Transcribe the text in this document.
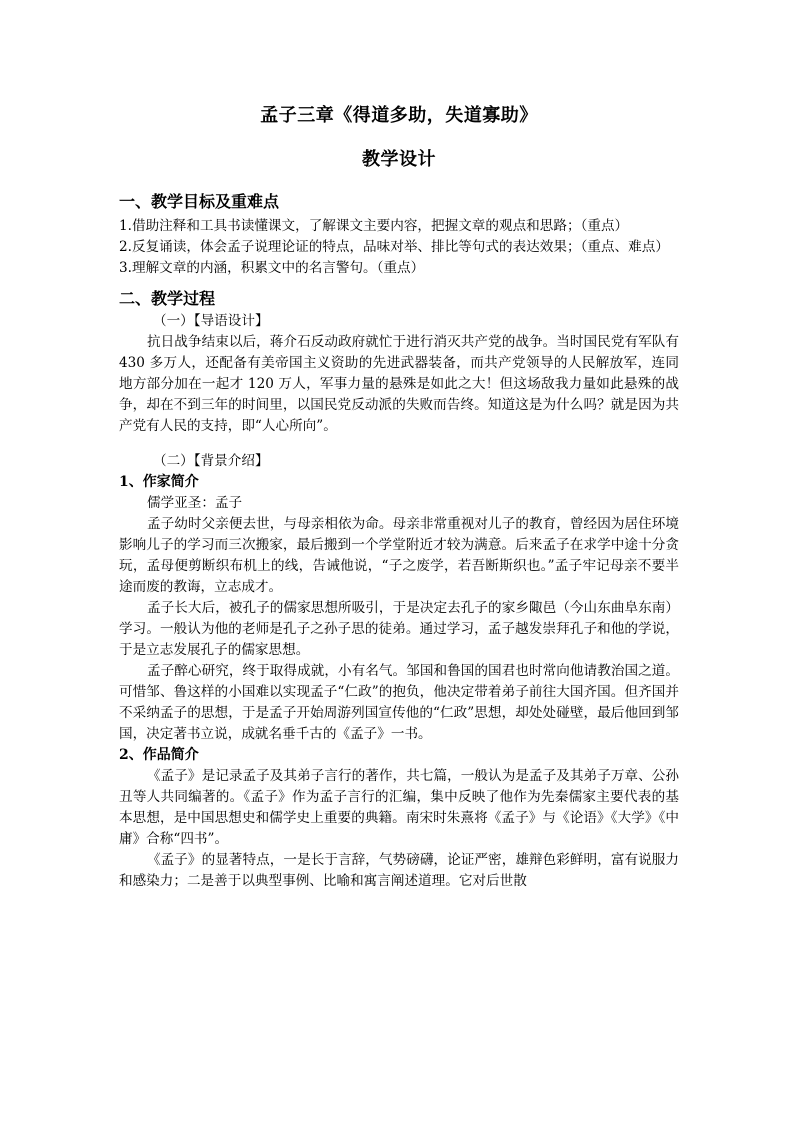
孟子三章《得道多助，失道寡助》
教学设计
一、教学目标及重难点
1.借助注释和工具书读懂课文，了解课文主要内容，把握文章的观点和思路；（重点）
2.反复诵读，体会孟子说理论证的特点，品味对举、排比等句式的表达效果；（重点、难点）
3.理解文章的内涵，积累文中的名言警句。（重点）
二、教学过程
（一）【导语设计】
抗日战争结束以后，蒋介石反动政府就忙于进行消灭共产党的战争。当时国民党有军队有 430 多万人，还配备有美帝国主义资助的先进武器装备，而共产党领导的人民解放军，连同地方部分加在一起才 120 万人，军事力量的悬殊是如此之大！但这场敌我力量如此悬殊的战争，却在不到三年的时间里，以国民党反动派的失败而告终。知道这是为什么吗？就是因为共产党有人民的支持，即“人心所向”。
（二）【背景介绍】
1、作家简介
儒学亚圣：孟子
孟子幼时父亲便去世，与母亲相依为命。母亲非常重视对儿子的教育，曾经因为居住环境影响儿子的学习而三次搬家，最后搬到一个学堂附近才较为满意。后来孟子在求学中途十分贪玩，孟母便剪断织布机上的线，告诫他说，“子之废学，若吾断斯织也。”孟子牢记母亲不要半途而废的教诲，立志成才。
孟子长大后，被孔子的儒家思想所吸引，于是决定去孔子的家乡陬邑（今山东曲阜东南）学习。一般认为他的老师是孔子之孙子思的徒弟。通过学习，孟子越发崇拜孔子和他的学说，于是立志发展孔子的儒家思想。
孟子醉心研究，终于取得成就，小有名气。邹国和鲁国的国君也时常向他请教治国之道。可惜邹、鲁这样的小国难以实现孟子“仁政”的抱负，他决定带着弟子前往大国齐国。但齐国并不采纳孟子的思想，于是孟子开始周游列国宣传他的“仁政”思想，却处处碰壁，最后他回到邹国，决定著书立说，成就名垂千古的《孟子》一书。
2、作品简介
《孟子》是记录孟子及其弟子言行的著作，共七篇，一般认为是孟子及其弟子万章、公孙丑等人共同编著的。《孟子》作为孟子言行的汇编，集中反映了他作为先秦儒家主要代表的基本思想，是中国思想史和儒学史上重要的典籍。南宋时朱熹将《孟子》与《论语》《大学》《中庸》合称“四书”。
《孟子》的显著特点，一是长于言辞，气势磅礴，论证严密，雄辩色彩鲜明，富有说服力和感染力；二是善于以典型事例、比喻和寓言阐述道理。它对后世散
